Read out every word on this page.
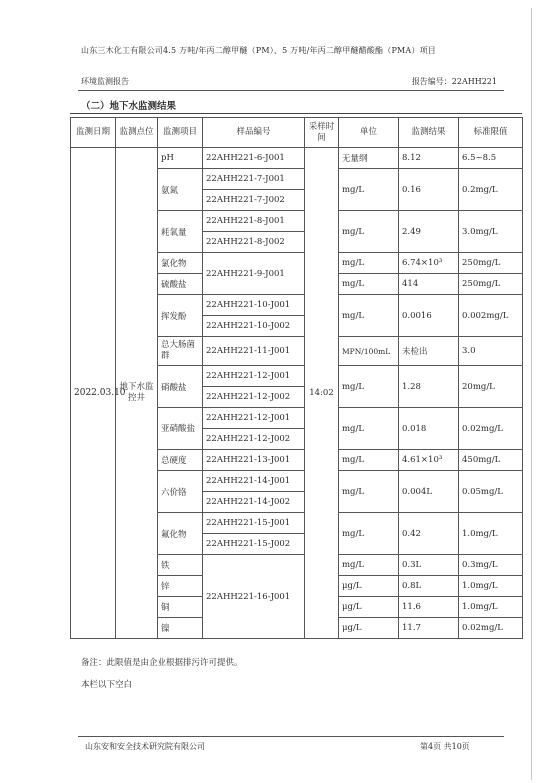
山东三木化工有限公司4.5 万吨/年丙二醇甲醚（PM）、5 万吨/年丙二醇甲醚醋酸酯（PMA）项目
环境监测报告	报告编号：22AHH221
（二）地下水监测结果
监测日期	监测点位	监测项目	样品编号	采样时间	单位	监测结果	标准限值
2022.03.10	地下水监控井	pH	22AHH221-6-J001	14:02	无量纲	8.12	6.5~8.5
		氨氮	22AHH221-7-J001		mg/L	0.16	0.2mg/L
			22AHH221-7-J002				
		耗氧量	22AHH221-8-J001		mg/L	2.49	3.0mg/L
			22AHH221-8-J002				
		氯化物	22AHH221-9-J001		mg/L	6.74×10³	250mg/L
		硫酸盐			mg/L	414	250mg/L
		挥发酚	22AHH221-10-J001		mg/L	0.0016	0.002mg/L
			22AHH221-10-J002				
		总大肠菌群	22AHH221-11-J001		MPN/100mL	未检出	3.0
		硝酸盐	22AHH221-12-J001		mg/L	1.28	20mg/L
			22AHH221-12-J002				
		亚硝酸盐	22AHH221-12-J001		mg/L	0.018	0.02mg/L
			22AHH221-12-J002				
		总硬度	22AHH221-13-J001		mg/L	4.61×10³	450mg/L
		六价铬	22AHH221-14-J001		mg/L	0.004L	0.05mg/L
			22AHH221-14-J002				
		氟化物	22AHH221-15-J001		mg/L	0.42	1.0mg/L
			22AHH221-15-J002				
		铁	22AHH221-16-J001		mg/L	0.3L	0.3mg/L
		锌			μg/L	0.8L	1.0mg/L
		铜			μg/L	11.6	1.0mg/L
		镍			μg/L	11.7	0.02mg/L
备注：此限值是由企业根据排污许可提供。
本栏以下空白
山东安和安全技术研究院有限公司	第4页 共10页
